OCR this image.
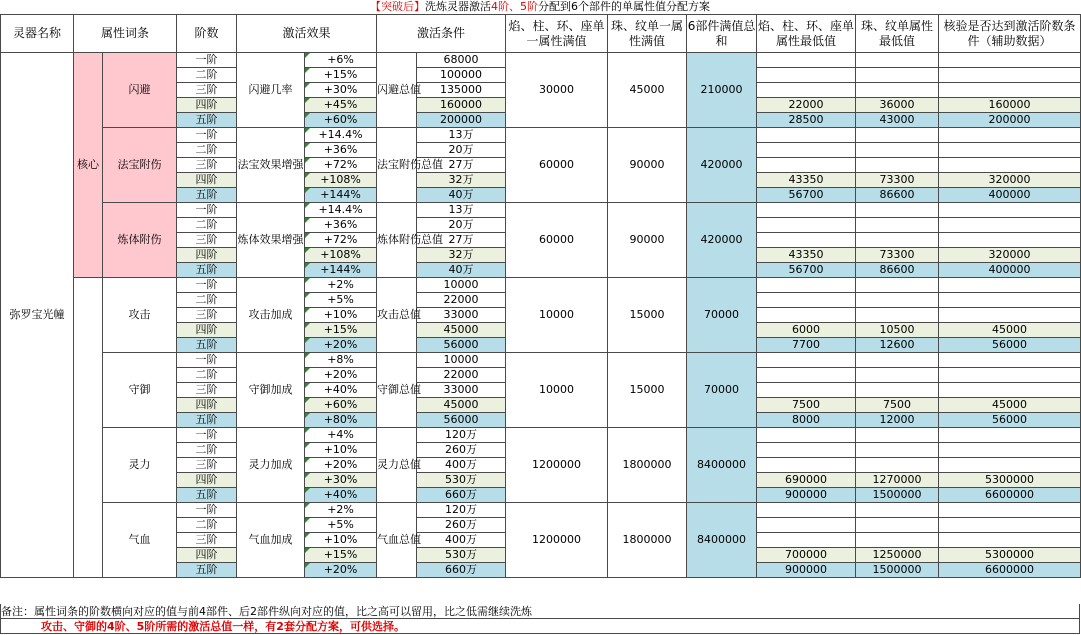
【突破后】洗炼灵器激活4阶、5阶分配到6个部件的单属性值分配方案
灵器名称	属性词条		阶数	激活效果		激活条件		焰、柱、环、座单一属性满值	珠、纹单一属性满值	6部件满值总和	焰、柱、环、座单属性最低值	珠、纹单属性最低值	核验是否达到激活阶数条件（辅助数据）
弥罗宝光幢	核心	闪避	一阶	闪避几率	+6%	闪避总值	68000	30000	45000	210000			
			二阶		+15%		100000						
			三阶		+30%		135000						
			四阶		+45%		160000				22000	36000	160000
			五阶		+60%		200000				28500	43000	200000
		法宝附伤	一阶	法宝效果增强	+14.4%	法宝附伤总值	13万	60000	90000	420000			
			二阶		+36%		20万						
			三阶		+72%		27万						
			四阶		+108%		32万				43350	73300	320000
			五阶		+144%		40万				56700	86600	400000
		炼体附伤	一阶	炼体效果增强	+14.4%	炼体附伤总值	13万	60000	90000	420000			
			二阶		+36%		20万						
			三阶		+72%		27万						
			四阶		+108%		32万				43350	73300	320000
			五阶		+144%		40万				56700	86600	400000
		攻击	一阶	攻击加成	+2%	攻击总值	10000	10000	15000	70000			
			二阶		+5%		22000						
			三阶		+10%		33000						
			四阶		+15%		45000				6000	10500	45000
			五阶		+20%		56000				7700	12600	56000
		守御	一阶	守御加成	+8%	守御总值	10000	10000	15000	70000			
			二阶		+20%		22000						
			三阶		+40%		33000						
			四阶		+60%		45000				7500	7500	45000
			五阶		+80%		56000				8000	12000	56000
		灵力	一阶	灵力加成	+4%	灵力总值	120万	1200000	1800000	8400000			
			二阶		+10%		260万						
			三阶		+20%		400万						
			四阶		+30%		530万				690000	1270000	5300000
			五阶		+40%		660万				900000	1500000	6600000
		气血	一阶	气血加成	+2%	气血总值	120万	1200000	1800000	8400000			
			二阶		+5%		260万						
			三阶		+10%		400万						
			四阶		+15%		530万				700000	1250000	5300000
			五阶		+20%		660万				900000	1500000	6600000
备注：属性词条的阶数横向对应的值与前4部件、后2部件纵向对应的值，比之高可以留用，比之低需继续洗炼
攻击、守御的4阶、5阶所需的激活总值一样，有2套分配方案，可供选择。
